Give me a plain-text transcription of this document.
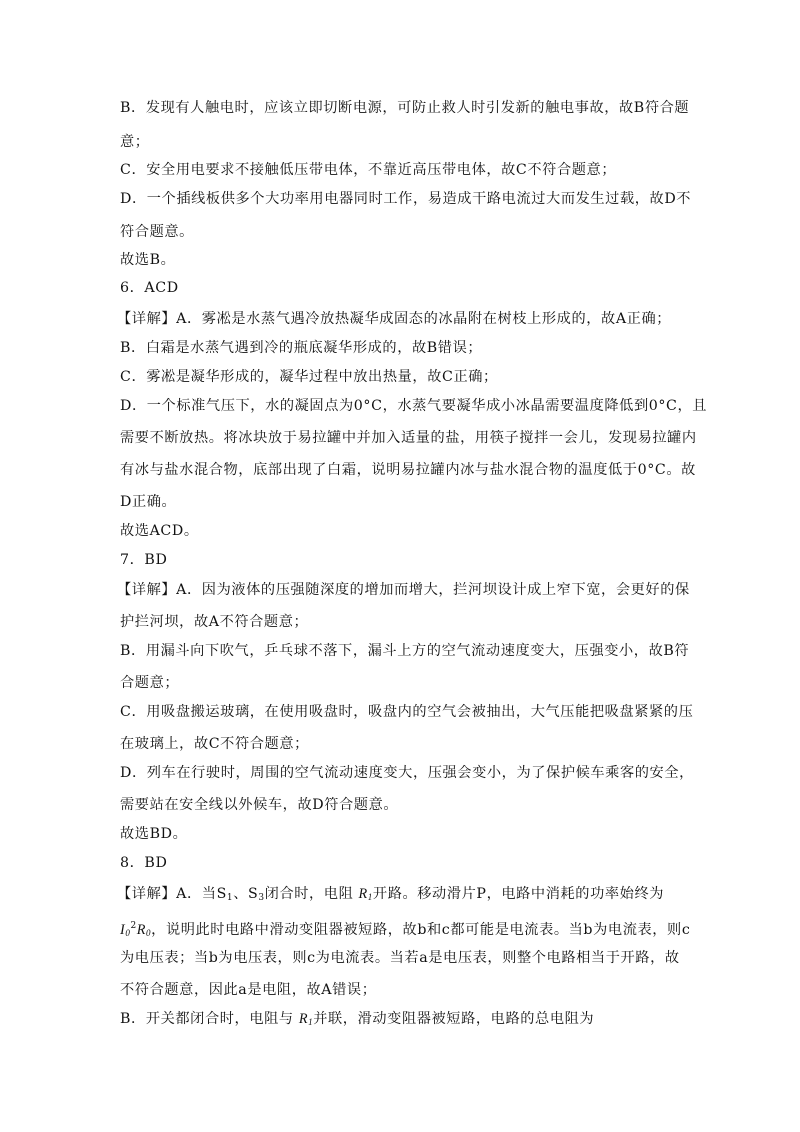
B．发现有人触电时，应该立即切断电源，可防止救人时引发新的触电事故，故B符合题
意；
C．安全用电要求不接触低压带电体，不靠近高压带电体，故C不符合题意；
D．一个插线板供多个大功率用电器同时工作，易造成干路电流过大而发生过载，故D不
符合题意。
故选B。
6．ACD
【详解】A．雾凇是水蒸气遇冷放热凝华成固态的冰晶附在树枝上形成的，故A正确；
B．白霜是水蒸气遇到冷的瓶底凝华形成的，故B错误；
C．雾凇是凝华形成的，凝华过程中放出热量，故C正确；
D．一个标准气压下，水的凝固点为0°C，水蒸气要凝华成小冰晶需要温度降低到0°C，且
需要不断放热。将冰块放于易拉罐中并加入适量的盐，用筷子搅拌一会儿，发现易拉罐内
有冰与盐水混合物，底部出现了白霜，说明易拉罐内冰与盐水混合物的温度低于0°C。故
D正确。
故选ACD。
7．BD
【详解】A．因为液体的压强随深度的增加而增大，拦河坝设计成上窄下宽，会更好的保
护拦河坝，故A不符合题意；
B．用漏斗向下吹气，乒乓球不落下，漏斗上方的空气流动速度变大，压强变小，故B符
合题意；
C．用吸盘搬运玻璃，在使用吸盘时，吸盘内的空气会被抽出，大气压能把吸盘紧紧的压
在玻璃上，故C不符合题意；
D．列车在行驶时，周围的空气流动速度变大，压强会变小，为了保护候车乘客的安全，
需要站在安全线以外候车，故D符合题意。
故选BD。
8．BD
【详解】A．当$S_1$、$S_3$闭合时，电阻 $R_1$开路。移动滑片P，电路中消耗的功率始终为
$I_0^2R_0$，说明此时电路中滑动变阻器被短路，故b和c都可能是电流表。当b为电流表，则c
为电压表；当b为电压表，则c为电流表。当若a是电压表，则整个电路相当于开路，故
不符合题意，因此a是电阻，故A错误；
B．开关都闭合时，电阻与 $R_1$并联，滑动变阻器被短路，电路的总电阻为
